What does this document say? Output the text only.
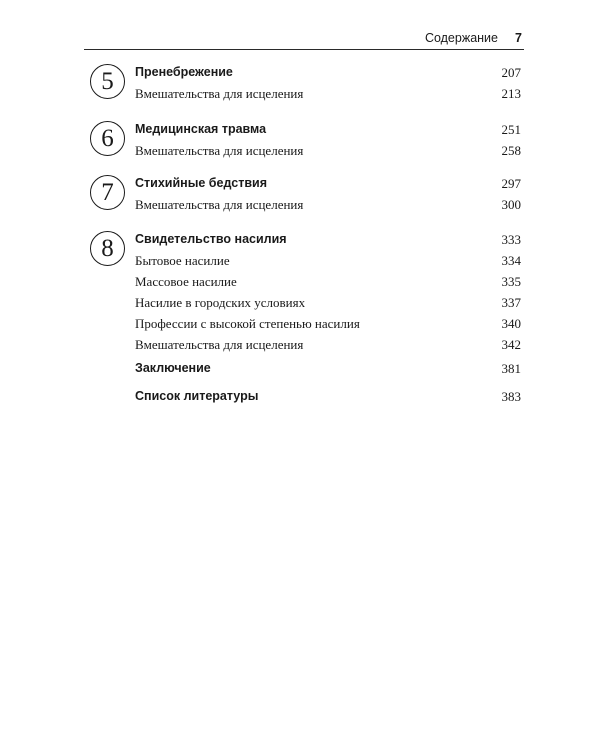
Содержание 7
5	Пренебрежение	207
Вмешательства для исцеления	213
6	Медицинская травма	251
Вмешательства для исцеления	258
7	Стихийные бедствия	297
Вмешательства для исцеления	300
8	Свидетельство насилия	333
Бытовое насилие	334
Массовое насилие	335
Насилие в городских условиях	337
Профессии с высокой степенью насилия	340
Вмешательства для исцеления	342
Заключение	381
Список литературы	383
